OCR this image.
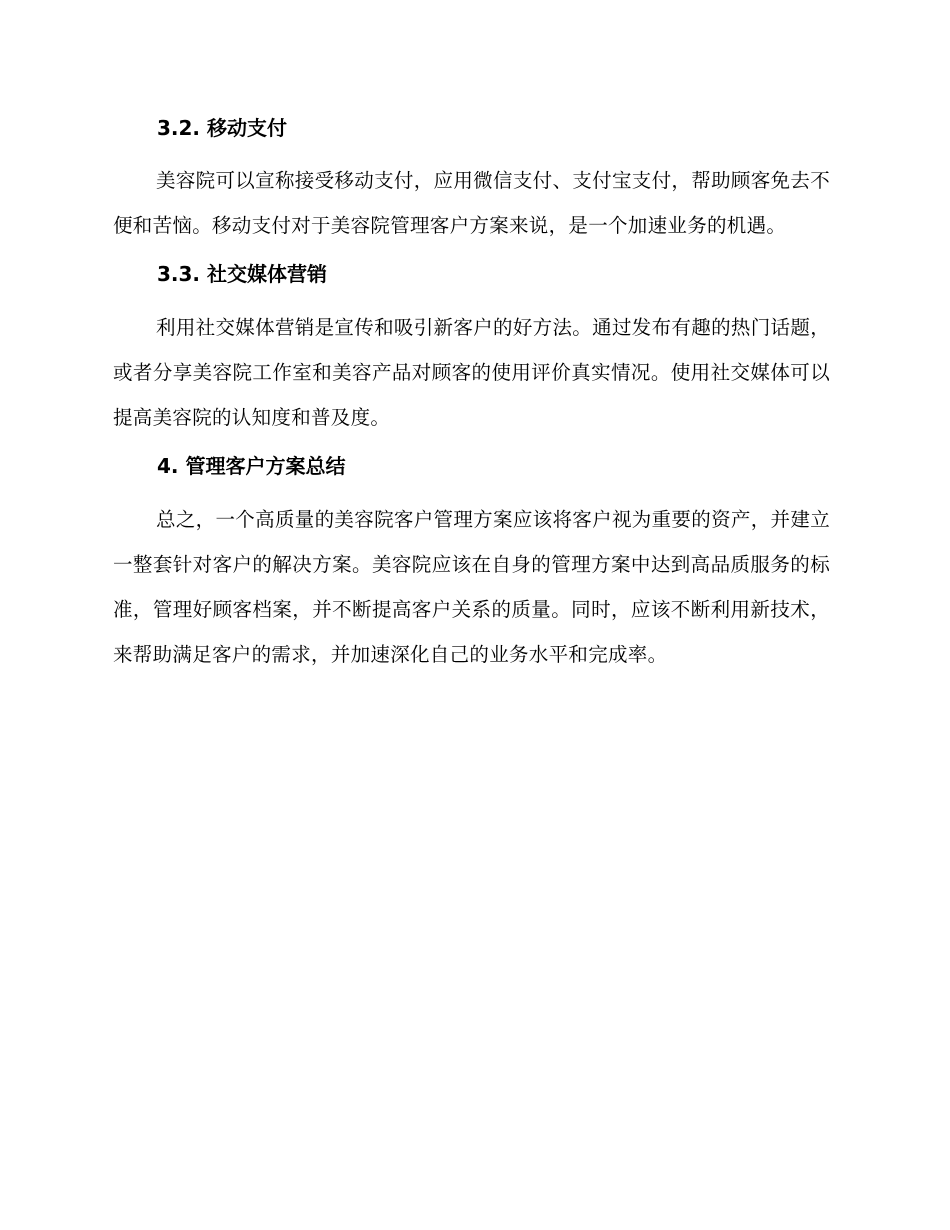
3.2. 移动支付

美容院可以宣称接受移动支付，应用微信支付、支付宝支付，帮助顾客免去不便和苦恼。移动支付对于美容院管理客户方案来说，是一个加速业务的机遇。

3.3. 社交媒体营销

利用社交媒体营销是宣传和吸引新客户的好方法。通过发布有趣的热门话题，或者分享美容院工作室和美容产品对顾客的使用评价真实情况。使用社交媒体可以提高美容院的认知度和普及度。

4. 管理客户方案总结

总之，一个高质量的美容院客户管理方案应该将客户视为重要的资产，并建立一整套针对客户的解决方案。美容院应该在自身的管理方案中达到高品质服务的标准，管理好顾客档案，并不断提高客户关系的质量。同时，应该不断利用新技术，来帮助满足客户的需求，并加速深化自己的业务水平和完成率。
